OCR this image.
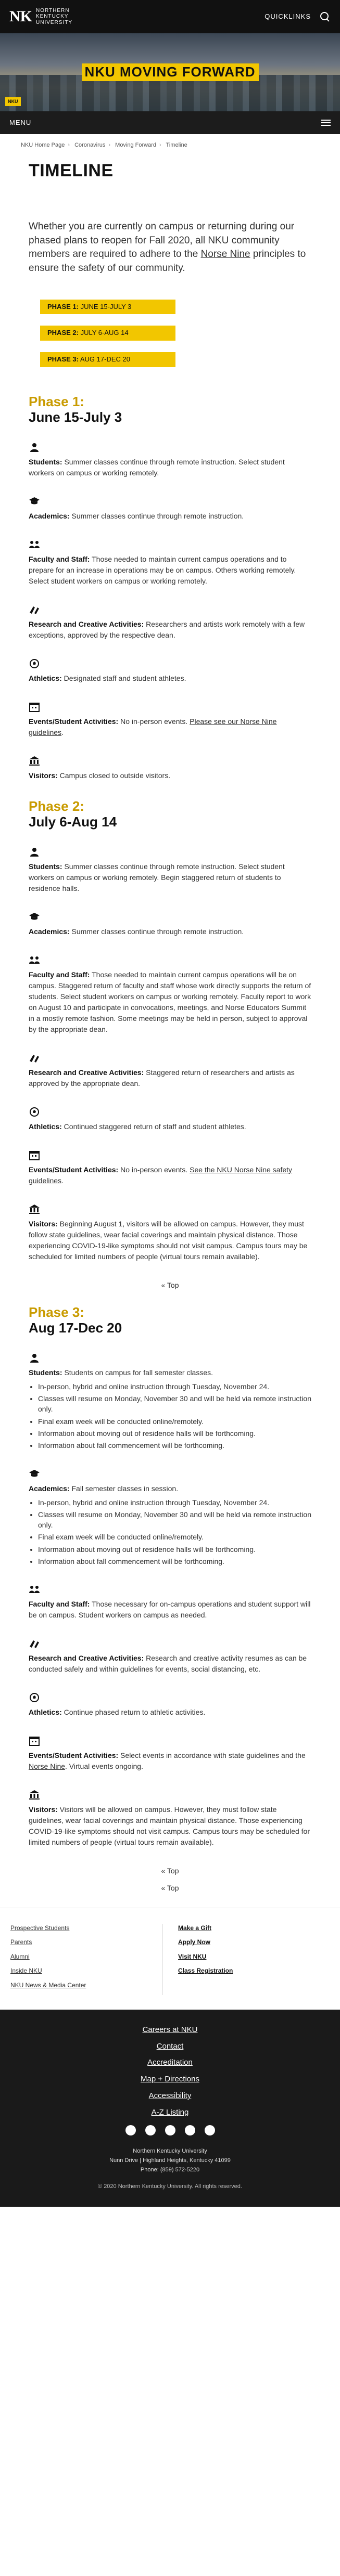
NK NORTHERN
KENTUCKY
UNIVERSITY
QUICKLINKS
NKU MOVING FORWARD
NKU
MENU
NKU Home Page › Coronavirus › Moving Forward › Timeline
TIMELINE

Whether you are currently on campus or returning during our phased plans to reopen for Fall 2020, all NKU community members are required to adhere to the Norse Nine principles to ensure the safety of our community.

PHASE 1: JUNE 15-JULY 3 PHASE 2: JULY 6-AUG 14 PHASE 3: AUG 17-DEC 20
Phase 1:
June 15-July 3

Students: Summer classes continue through remote instruction. Select student workers on campus or working remotely.

Academics: Summer classes continue through remote instruction.

Faculty and Staff: Those needed to maintain current campus operations and to prepare for an increase in operations may be on campus. Others working remotely. Select student workers on campus or working remotely.

Research and Creative Activities: Researchers and artists work remotely with a few exceptions, approved by the respective dean.

Athletics: Designated staff and student athletes.

Events/Student Activities: No in-person events. Please see our Norse Nine guidelines.

Visitors: Campus closed to outside visitors.

Phase 2:
July 6-Aug 14

Students: Summer classes continue through remote instruction. Select student workers on campus or working remotely. Begin staggered return of students to residence halls.

Academics: Summer classes continue through remote instruction.

Faculty and Staff: Those needed to maintain current campus operations will be on campus. Staggered return of faculty and staff whose work directly supports the return of students. Select student workers on campus or working remotely. Faculty report to work on August 10 and participate in convocations, meetings, and Norse Educators Summit in a mostly remote fashion. Some meetings may be held in person, subject to approval by the appropriate dean.

Research and Creative Activities: Staggered return of researchers and artists as approved by the appropriate dean.

Athletics: Continued staggered return of staff and student athletes.

Events/Student Activities: No in-person events. See the NKU Norse Nine safety guidelines.

Visitors: Beginning August 1, visitors will be allowed on campus. However, they must follow state guidelines, wear facial coverings and maintain physical distance. Those experiencing COVID-19-like symptoms should not visit campus. Campus tours may be scheduled for limited numbers of people (virtual tours remain available).

« Top
Phase 3:
Aug 17-Dec 20

Students: Students on campus for fall semester classes.

• In-person, hybrid and online instruction through Tuesday, November 24.
• Classes will resume on Monday, November 30 and will be held via remote instruction only.
• Final exam week will be conducted online/remotely.
• Information about moving out of residence halls will be forthcoming.
• Information about fall commencement will be forthcoming.

Academics: Fall semester classes in session.

• In-person, hybrid and online instruction through Tuesday, November 24.
• Classes will resume on Monday, November 30 and will be held via remote instruction only.
• Final exam week will be conducted online/remotely.
• Information about moving out of residence halls will be forthcoming.
• Information about fall commencement will be forthcoming.

Faculty and Staff: Those necessary for on-campus operations and student support will be on campus. Student workers on campus as needed.

Research and Creative Activities: Research and creative activity resumes as can be conducted safely and within guidelines for events, social distancing, etc.

Athletics: Continue phased return to athletic activities.

Events/Student Activities: Select events in accordance with state guidelines and the Norse Nine. Virtual events ongoing.

Visitors: Visitors will be allowed on campus. However, they must follow state guidelines, wear facial coverings and maintain physical distance. Those experiencing COVID-19-like symptoms should not visit campus. Campus tours may be scheduled for limited numbers of people (virtual tours remain available).

« Top
« Top
Prospective Students
Parents
Alumni
Inside NKU
NKU News & Media Center
Make a Gift
Apply Now
Visit NKU
Class Registration
Careers at NKU
Contact
Accreditation
Map + Directions
Accessibility
A-Z Listing
Northern Kentucky University
Nunn Drive | Highland Heights, Kentucky 41099
Phone: (859) 572-5220
© 2020 Northern Kentucky University. All rights reserved.
